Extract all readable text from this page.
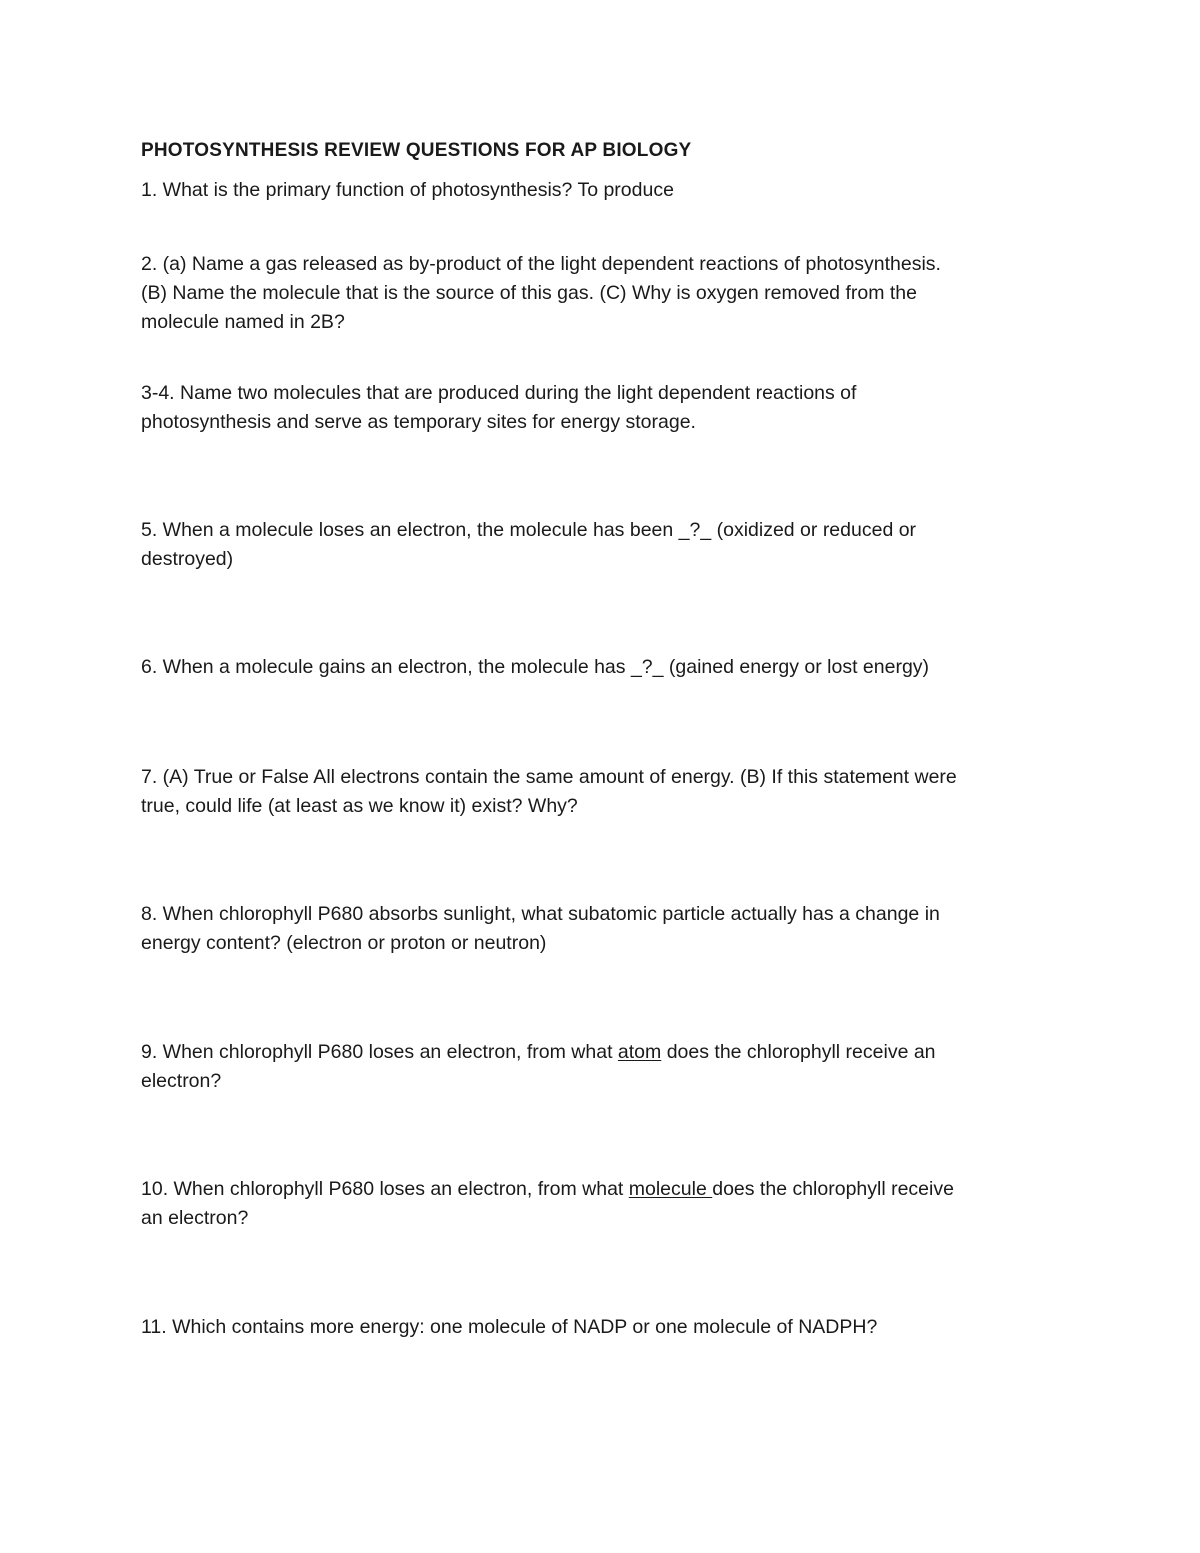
PHOTOSYNTHESIS REVIEW QUESTIONS FOR AP BIOLOGY
1. What is the primary function of photosynthesis? To produce
2. (a) Name a gas released as by-product of the light dependent reactions of photosynthesis.
(B) Name the molecule that is the source of this gas. (C) Why is oxygen removed from the
molecule named in 2B?
3-4. Name two molecules that are produced during the light dependent reactions of
photosynthesis and serve as temporary sites for energy storage.
5. When a molecule loses an electron, the molecule has been _?_ (oxidized or reduced or
destroyed)
6. When a molecule gains an electron, the molecule has _?_ (gained energy or lost energy)
7. (A) True or False All electrons contain the same amount of energy. (B) If this statement were
true, could life (at least as we know it) exist? Why?
8. When chlorophyll P680 absorbs sunlight, what subatomic particle actually has a change in
energy content? (electron or proton or neutron)
9. When chlorophyll P680 loses an electron, from what atom does the chlorophyll receive an
electron?
10. When chlorophyll P680 loses an electron, from what molecule does the chlorophyll receive
an electron?
11. Which contains more energy: one molecule of NADP or one molecule of NADPH?
